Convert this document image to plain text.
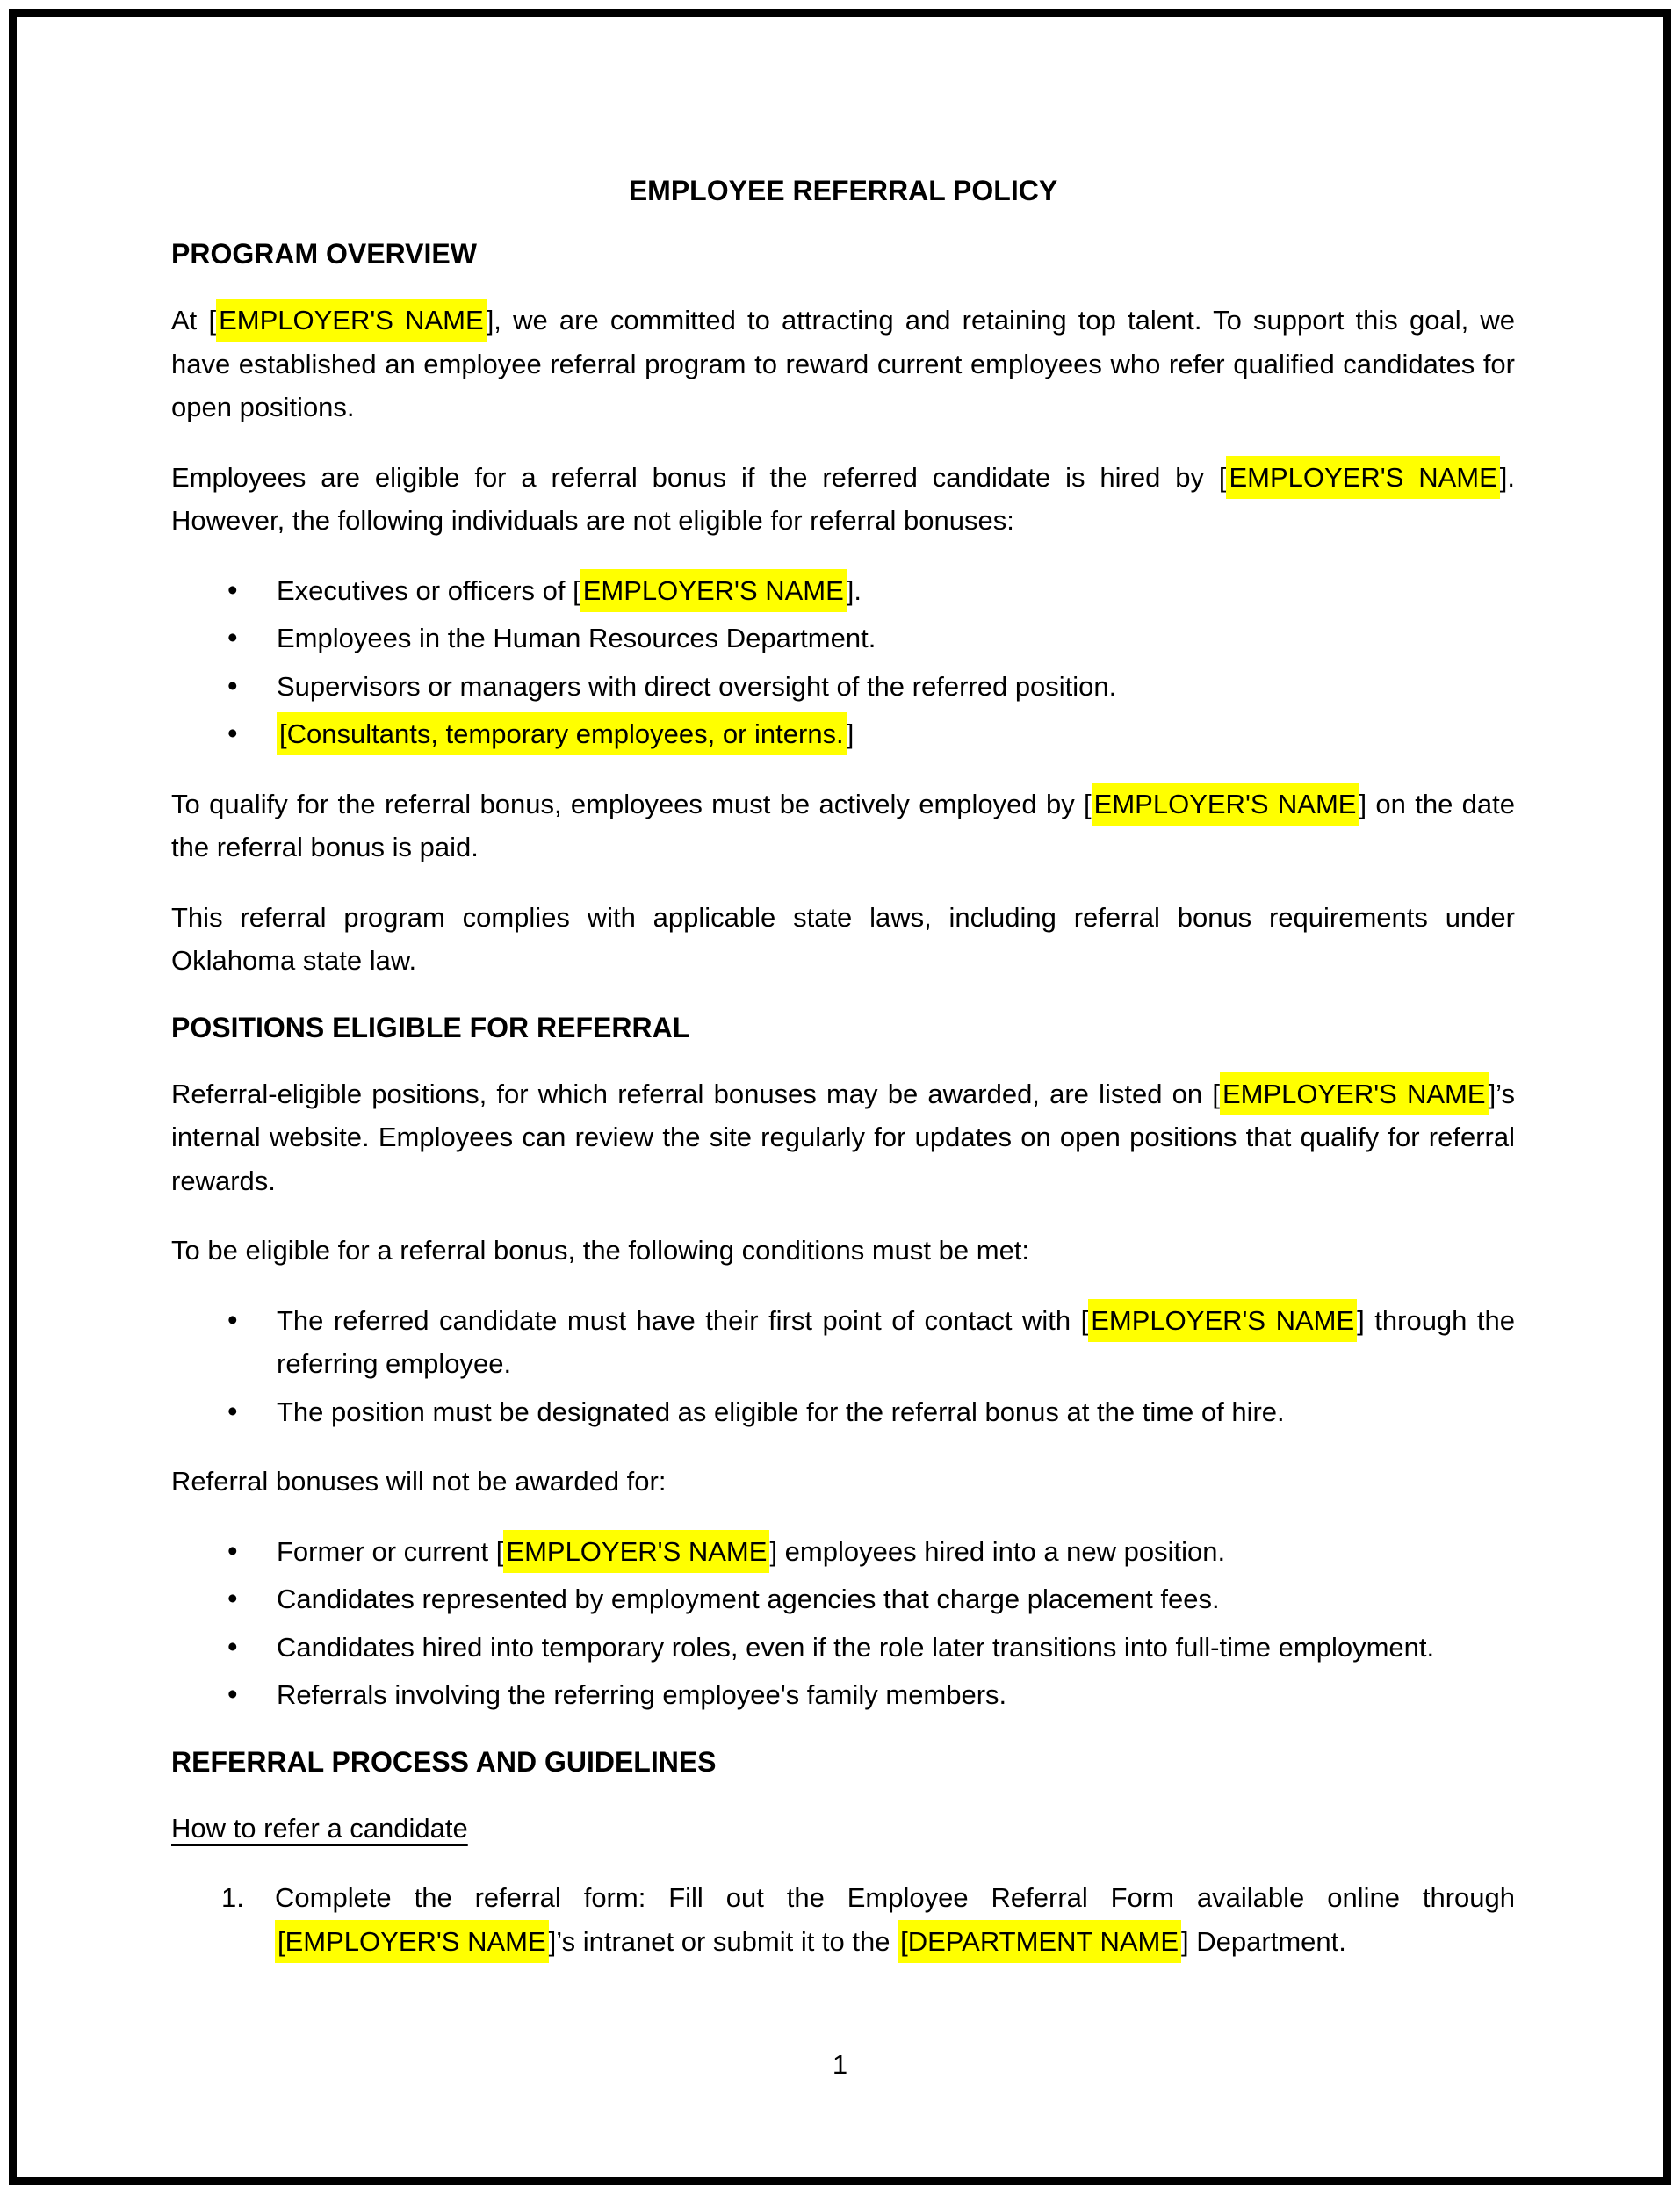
EMPLOYEE REFERRAL POLICY
PROGRAM OVERVIEW

At [EMPLOYER'S NAME], we are committed to attracting and retaining top talent. To support this goal, we have established an employee referral program to reward current employees who refer qualified candidates for open positions.

Employees are eligible for a referral bonus if the referred candidate is hired by [EMPLOYER'S NAME]. However, the following individuals are not eligible for referral bonuses:

• Executives or officers of [EMPLOYER'S NAME].
• Employees in the Human Resources Department.
• Supervisors or managers with direct oversight of the referred position.
• [Consultants, temporary employees, or interns.]

To qualify for the referral bonus, employees must be actively employed by [EMPLOYER'S NAME] on the date the referral bonus is paid.

This referral program complies with applicable state laws, including referral bonus requirements under Oklahoma state law.

POSITIONS ELIGIBLE FOR REFERRAL

Referral-eligible positions, for which referral bonuses may be awarded, are listed on [EMPLOYER'S NAME]’s internal website. Employees can review the site regularly for updates on open positions that qualify for referral rewards.

To be eligible for a referral bonus, the following conditions must be met:

• The referred candidate must have their first point of contact with [EMPLOYER'S NAME] through the referring employee.
• The position must be designated as eligible for the referral bonus at the time of hire.

Referral bonuses will not be awarded for:

• Former or current [EMPLOYER'S NAME] employees hired into a new position.
• Candidates represented by employment agencies that charge placement fees.
• Candidates hired into temporary roles, even if the role later transitions into full-time employment.
• Referrals involving the referring employee's family members.
REFERRAL PROCESS AND GUIDELINES

How to refer a candidate

1. Complete the referral form: Fill out the Employee Referral Form available online through [EMPLOYER'S NAME]’s intranet or submit it to the [DEPARTMENT NAME] Department.
1
